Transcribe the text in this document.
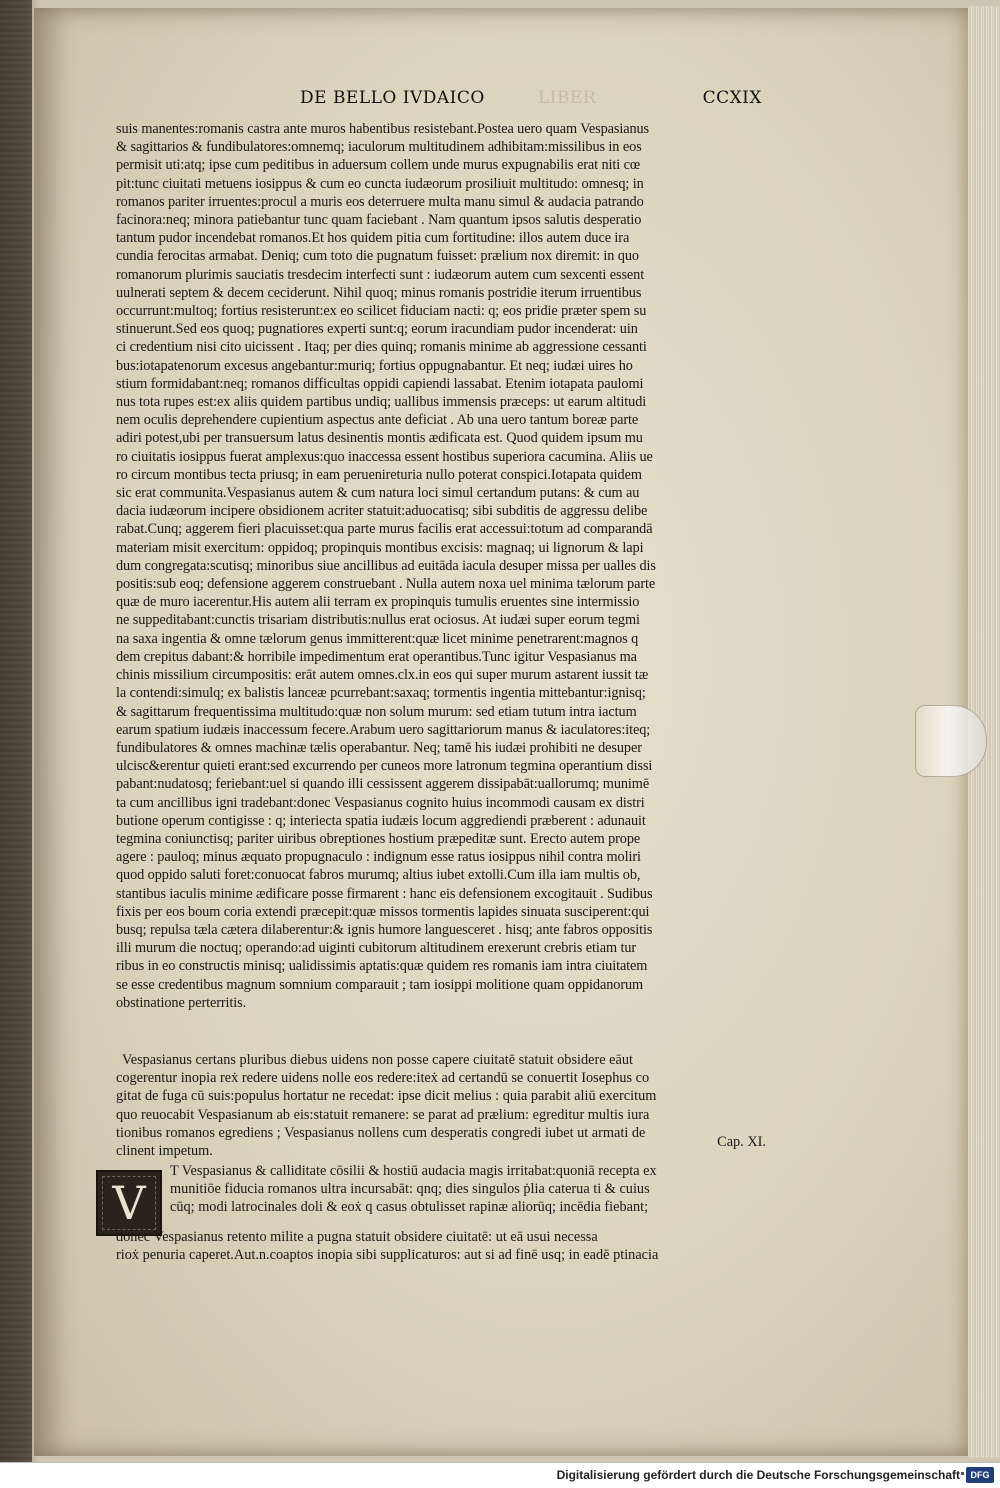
DE BELLO IVDAICO	LIBER	CCXIX
suis manentes:romanis castra ante muros habentibus resistebant.Postea uero quam Vespasianus
& sagittarios & fundibulatores:omnemq; iaculorum multitudinem adhibitam:missilibus in eos
permisit uti:atq; ipse cum peditibus in aduersum collem unde murus expugnabilis erat niti cœ
pit:tunc ciuitati metuens iosippus & cum eo cuncta iudæorum prosiliuit multitudo: omnesq; in
romanos pariter irruentes:procul a muris eos deterruere multa manu simul & audacia patrando
facinora:neq; minora patiebantur tunc quam faciebant . Nam quantum ipsos salutis desperatio
tantum pudor incendebat romanos.Et hos quidem pitia cum fortitudine: illos autem duce ira
cundia ferocitas armabat. Deniq; cum toto die pugnatum fuisset: prælium nox diremit: in quo
romanorum plurimis sauciatis tresdecim interfecti sunt : iudæorum autem cum sexcenti essent
uulnerati septem & decem ceciderunt. Nihil quoq; minus romanis postridie iterum irruentibus
occurrunt:multoq; fortius resisterunt:ex eo scilicet fiduciam nacti: q; eos pridie præter spem su
stinuerunt.Sed eos quoq; pugnatiores experti sunt:q; eorum iracundiam pudor incenderat: uin
ci credentium nisi cito uicissent . Itaq; per dies quinq; romanis minime ab aggressione cessanti
bus:iotapatenorum excesus angebantur:muriq; fortius oppugnabantur. Et neq; iudæi uires ho
stium formidabant:neq; romanos difficultas oppidi capiendi lassabat. Etenim iotapata paulomi
nus tota rupes est:ex aliis quidem partibus undiq; uallibus immensis præceps: ut earum altitudi
nem oculis deprehendere cupientium aspectus ante deficiat . Ab una uero tantum boreæ parte
adiri potest,ubi per transuersum latus desinentis montis ædificata est. Quod quidem ipsum mu
ro ciuitatis iosippus fuerat amplexus:quo inaccessa essent hostibus superiora cacumina. Aliis ue
ro circum montibus tecta priusq; in eam peruenireturia nullo poterat conspici.Iotapata quidem
sic erat communita.Vespasianus autem & cum natura loci simul certandum putans: & cum au
dacia iudæorum incipere obsidionem acriter statuit:aduocatisq; sibi subditis de aggressu delibe
rabat.Cunq; aggerem fieri placuisset:qua parte murus facilis erat accessui:totum ad comparandā
materiam misit exercitum: oppidoq; propinquis montibus excisis: magnaq; ui lignorum & lapi
dum congregata:scutisq; minoribus siue ancillibus ad euitāda iacula desuper missa per ualles dis
positis:sub eoq; defensione aggerem construebant . Nulla autem noxa uel minima tælorum parte
quæ de muro iacerentur.His autem alii terram ex propinquis tumulis eruentes sine intermissio
ne suppeditabant:cunctis trisariam distributis:nullus erat ociosus. At iudæi super eorum tegmi
na saxa ingentia & omne tælorum genus immitterent:quæ licet minime penetrarent:magnos q
dem crepitus dabant:& horribile impedimentum erat operantibus.Tunc igitur Vespasianus ma
chinis missilium circumpositis: erāt autem omnes.clx.in eos qui super murum astarent iussit tæ
la contendi:simulq; ex balistis lanceæ pcurrebant:saxaq; tormentis ingentia mittebantur:ignisq;
& sagittarum frequentissima multitudo:quæ non solum murum: sed etiam tutum intra iactum
earum spatium iudæis inaccessum fecere.Arabum uero sagittariorum manus & iaculatores:iteq;
fundibulatores & omnes machinæ tælis operabantur. Neq; tamē his iudæi prohibiti ne desuper
ulcisc&erentur quieti erant:sed excurrendo per cuneos more latronum tegmina operantium dissi
pabant:nudatosq; feriebant:uel si quando illi cessissent aggerem dissipabāt:uallorumq; munimē
ta cum ancillibus igni tradebant:donec Vespasianus cognito huius incommodi causam ex distri
butione operum contigisse : q; interiecta spatia iudæis locum aggrediendi præberent : adunauit
tegmina coniunctisq; pariter uiribus obreptiones hostium præpeditæ sunt. Erecto autem prope
agere : pauloq; minus æquato propugnaculo : indignum esse ratus iosippus nihil contra moliri
quod oppido saluti foret:conuocat fabros murumq; altius iubet extolli.Cum illa iam multis ob,
stantibus iaculis minime ædificare posse firmarent : hanc eis defensionem excogitauit . Sudibus
fixis per eos boum coria extendi præcepit:quæ missos tormentis lapides sinuata susciperent:qui
busq; repulsa tæla cætera dilaberentur:& ignis humore languesceret . hisq; ante fabros oppositis
illi murum die noctuq; operando:ad uiginti cubitorum altitudinem erexerunt crebris etiam tur
ribus in eo constructis minisq; ualidissimis aptatis:quæ quidem res romanis iam intra ciuitatem
se esse credentibus magnum somnium comparauit ; tam iosippi molitione quam oppidanorum
obstinatione perterritis.
Vespasianus certans pluribus diebus uidens non posse capere ciuitatē statuit obsidere eāut
cogerentur inopia reẋ redere uidens nolle eos redere:iteẋ ad certandū se conuertit Iosephus co
gitat de fuga cū suis:populus hortatur ne recedat: ipse dicit melius : quia parabit aliū exercitum
quo reuocabit Vespasianum ab eis:statuit remanere: se parat ad prælium: egreditur multis iura
tionibus romanos egrediens ; Vespasianus nollens cum desperatis congredi iubet ut armati de
clinent impetum.
Cap. XI.
V
T Vespasianus & calliditate cōsilii & hostiū audacia magis irritabat:quoniā recepta ex
munitiōe fiducia romanos ultra incursabāt: qnq; dies singulos ṗlia caterua ti & cuius
cūq; modi latrocinales doli & eoẋ q casus obtulisset rapinæ aliorūq; incēdia fiebant;
donec Vespasianus retento milite a pugna statuit obsidere ciuitatē: ut eā usui necessa
rioẋ penuria caperet.Aut.n.coaptos inopia sibi supplicaturos: aut si ad finē usq; in eadē ptinacia
Digitalisierung gefördert durch die Deutsche Forschungsgemeinschaft	DFG
